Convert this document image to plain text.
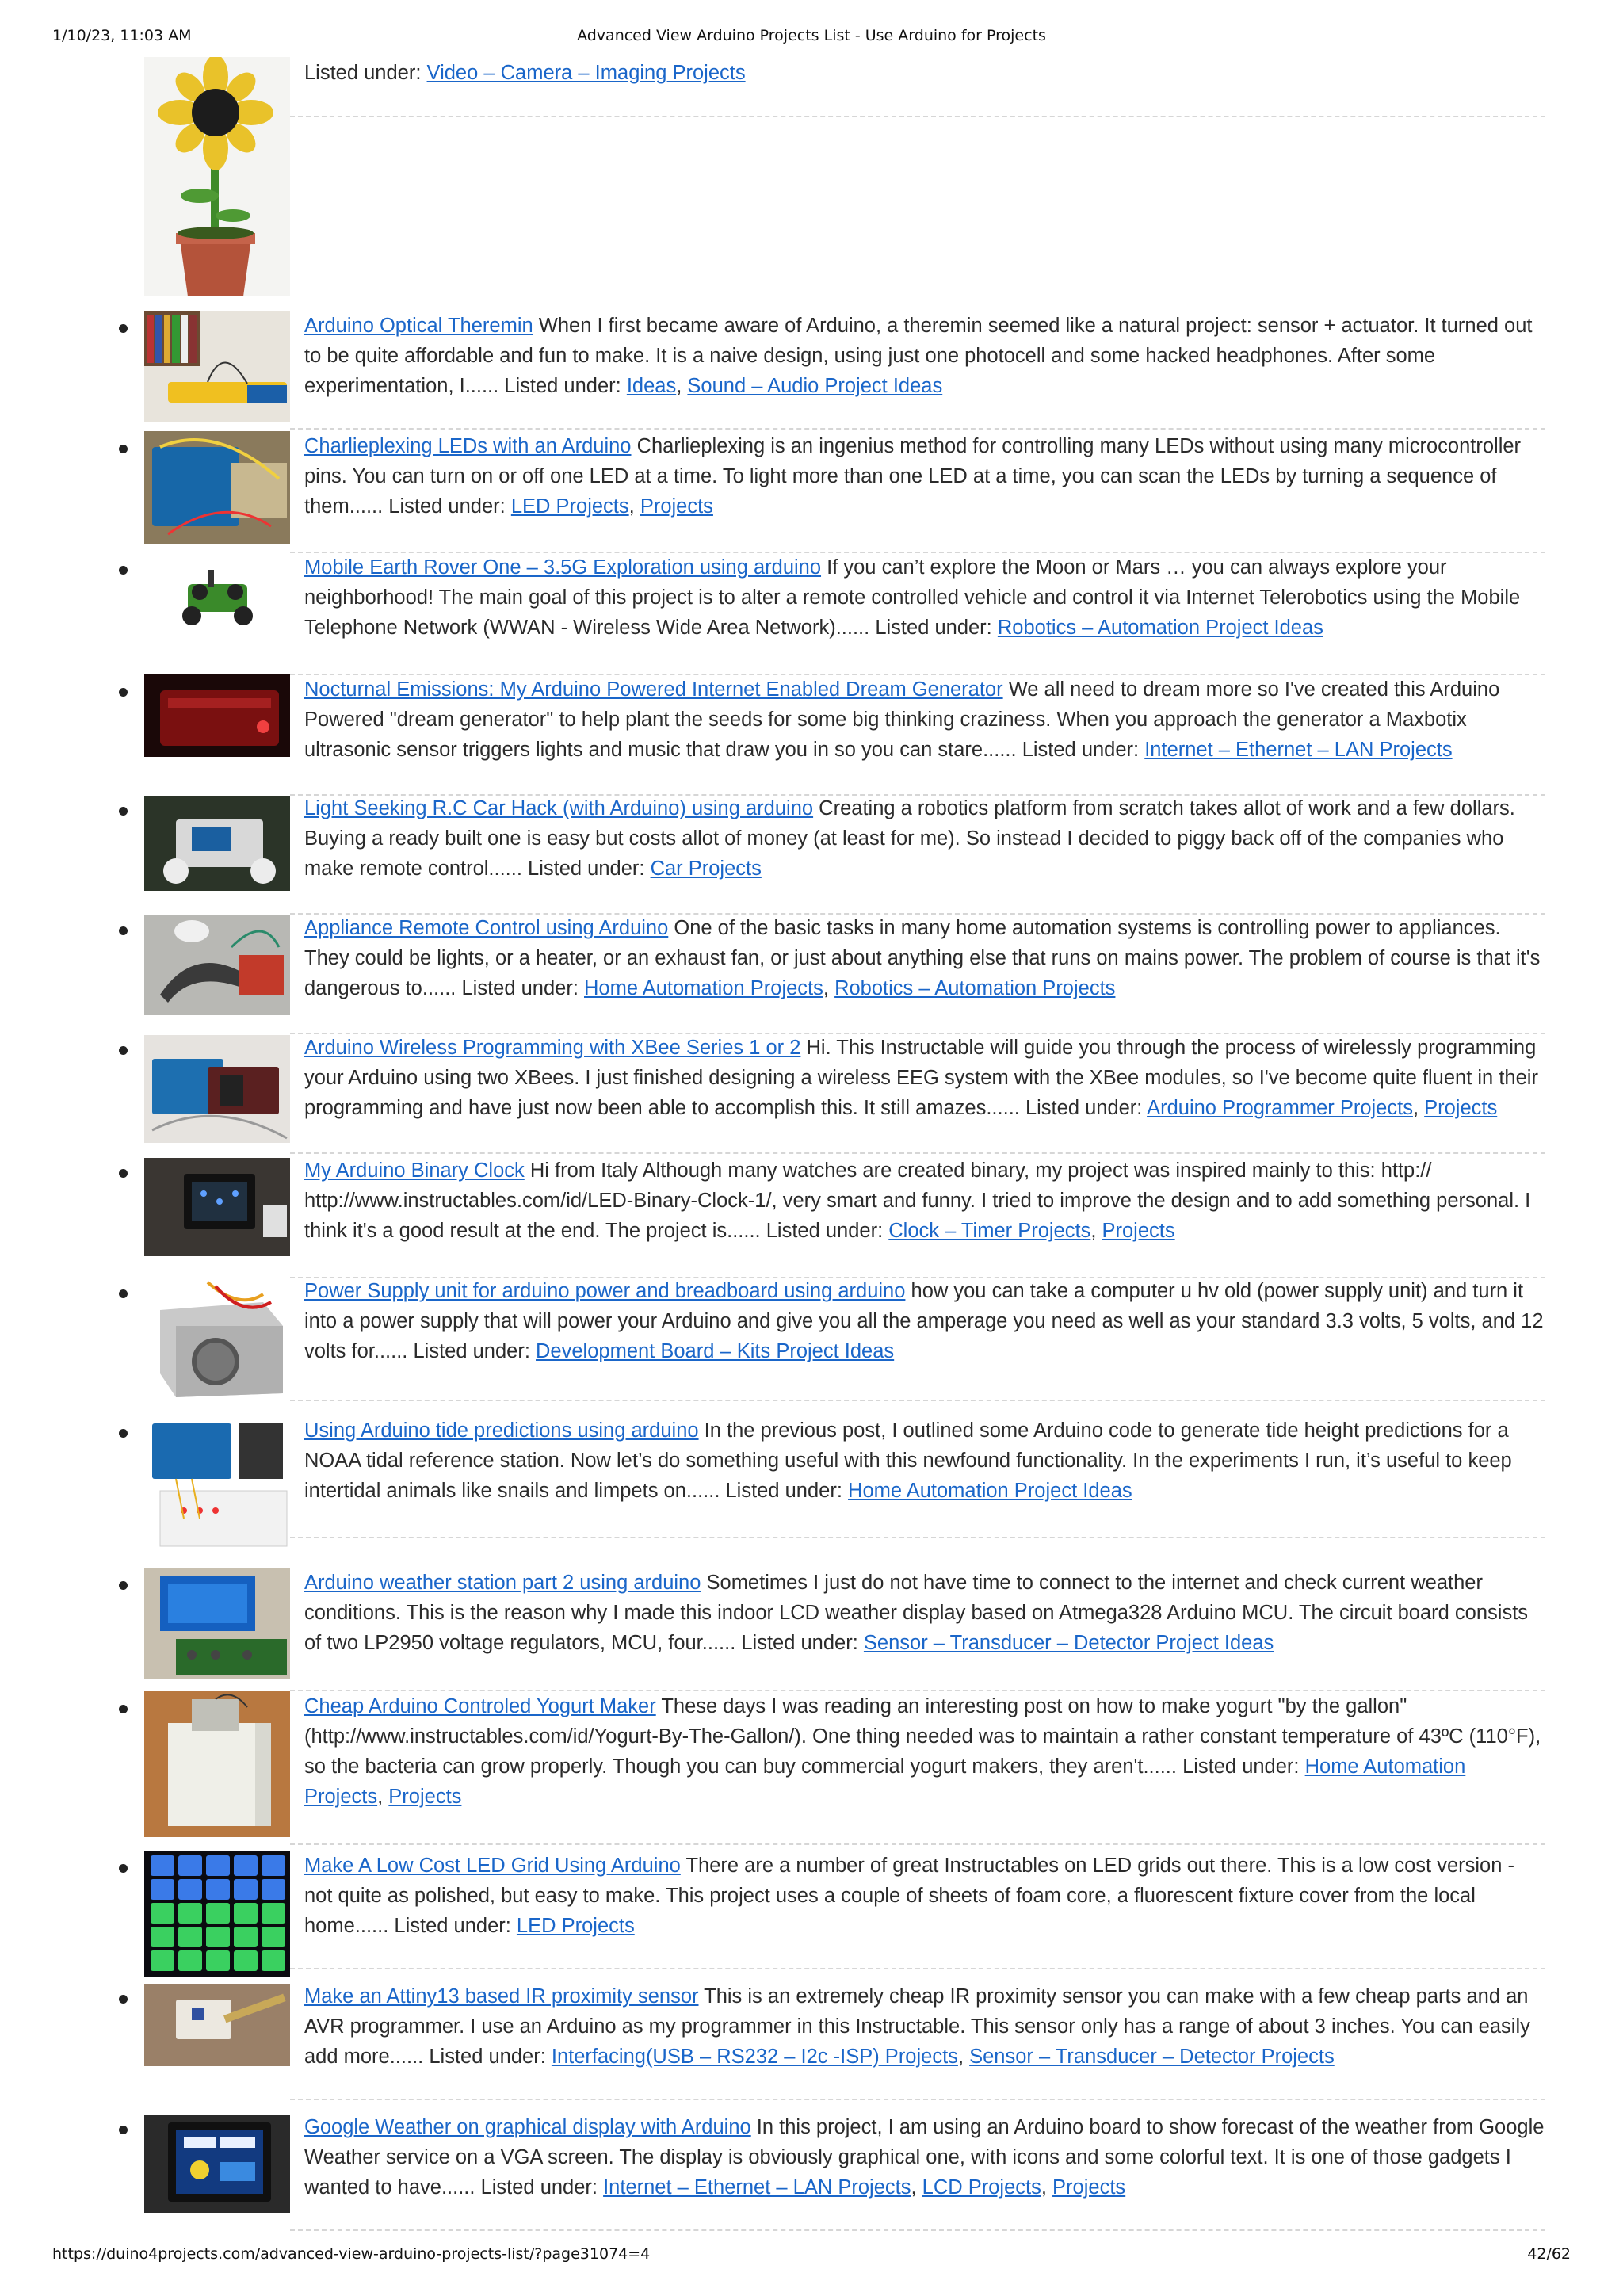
1/10/23, 11:03 AM	Advanced View Arduino Projects List - Use Arduino for Projects
Listed under: Video – Camera – Imaging Projects
Arduino Optical Theremin When I first became aware of Arduino, a theremin seemed like a natural project: sensor + actuator. It turned out to be quite affordable and fun to make. It is a naive design, using just one photocell and some hacked headphones. After some experimentation, I...... Listed under: Ideas, Sound – Audio Project Ideas
Charlieplexing LEDs with an Arduino Charlieplexing is an ingenius method for controlling many LEDs without using many microcontroller pins. You can turn on or off one LED at a time. To light more than one LED at a time, you can scan the LEDs by turning a sequence of them...... Listed under: LED Projects, Projects
Mobile Earth Rover One – 3.5G Exploration using arduino If you can’t explore the Moon or Mars … you can always explore your neighborhood! The main goal of this project is to alter a remote controlled vehicle and control it via Internet Telerobotics using the Mobile Telephone Network (WWAN - Wireless Wide Area Network)...... Listed under: Robotics – Automation Project Ideas
Nocturnal Emissions: My Arduino Powered Internet Enabled Dream Generator We all need to dream more so I've created this Arduino Powered "dream generator" to help plant the seeds for some big thinking craziness. When you approach the generator a Maxbotix ultrasonic sensor triggers lights and music that draw you in so you can stare...... Listed under: Internet – Ethernet – LAN Projects
Light Seeking R.C Car Hack (with Arduino) using arduino Creating a robotics platform from scratch takes allot of work and a few dollars. Buying a ready built one is easy but costs allot of money (at least for me). So instead I decided to piggy back off of the companies who make remote control...... Listed under: Car Projects
Appliance Remote Control using Arduino One of the basic tasks in many home automation systems is controlling power to appliances. They could be lights, or a heater, or an exhaust fan, or just about anything else that runs on mains power. The problem of course is that it's dangerous to...... Listed under: Home Automation Projects, Robotics – Automation Projects
Arduino Wireless Programming with XBee Series 1 or 2 Hi. This Instructable will guide you through the process of wirelessly programming your Arduino using two XBees. I just finished designing a wireless EEG system with the XBee modules, so I've become quite fluent in their programming and have just now been able to accomplish this. It still amazes...... Listed under: Arduino Programmer Projects, Projects
My Arduino Binary Clock Hi from Italy Although many watches are created binary, my project was inspired mainly to this: http:// http://www.instructables.com/id/LED-Binary-Clock-1/, very smart and funny. I tried to improve the design and to add something personal. I think it's a good result at the end. The project is...... Listed under: Clock – Timer Projects, Projects
Power Supply unit for arduino power and breadboard using arduino how you can take a computer u hv old (power supply unit) and turn it into a power supply that will power your Arduino and give you all the amperage you need as well as your standard 3.3 volts, 5 volts, and 12 volts for...... Listed under: Development Board – Kits Project Ideas
Using Arduino tide predictions using arduino In the previous post, I outlined some Arduino code to generate tide height predictions for a NOAA tidal reference station. Now let’s do something useful with this newfound functionality. In the experiments I run, it’s useful to keep intertidal animals like snails and limpets on...... Listed under: Home Automation Project Ideas
Arduino weather station part 2 using arduino Sometimes I just do not have time to connect to the internet and check current weather conditions. This is the reason why I made this indoor LCD weather display based on Atmega328 Arduino MCU. The circuit board consists of two LP2950 voltage regulators, MCU, four...... Listed under: Sensor – Transducer – Detector Project Ideas
Cheap Arduino Controled Yogurt Maker These days I was reading an interesting post on how to make yogurt "by the gallon" (http://www.instructables.com/id/Yogurt-By-The-Gallon/). One thing needed was to maintain a rather constant temperature of 43ºC (110°F), so the bacteria can grow properly. Though you can buy commercial yogurt makers, they aren't...... Listed under: Home Automation Projects, Projects
Make A Low Cost LED Grid Using Arduino There are a number of great Instructables on LED grids out there. This is a low cost version - not quite as polished, but easy to make. This project uses a couple of sheets of foam core, a fluorescent fixture cover from the local home...... Listed under: LED Projects
Make an Attiny13 based IR proximity sensor This is an extremely cheap IR proximity sensor you can make with a few cheap parts and an AVR programmer. I use an Arduino as my programmer in this Instructable. This sensor only has a range of about 3 inches. You can easily add more...... Listed under: Interfacing(USB – RS232 – I2c -ISP) Projects, Sensor – Transducer – Detector Projects
Google Weather on graphical display with Arduino In this project, I am using an Arduino board to show forecast of the weather from Google Weather service on a VGA screen. The display is obviously graphical one, with icons and some colorful text. It is one of those gadgets I wanted to have...... Listed under: Internet – Ethernet – LAN Projects, LCD Projects, Projects
https://duino4projects.com/advanced-view-arduino-projects-list/?page31074=4	42/62
